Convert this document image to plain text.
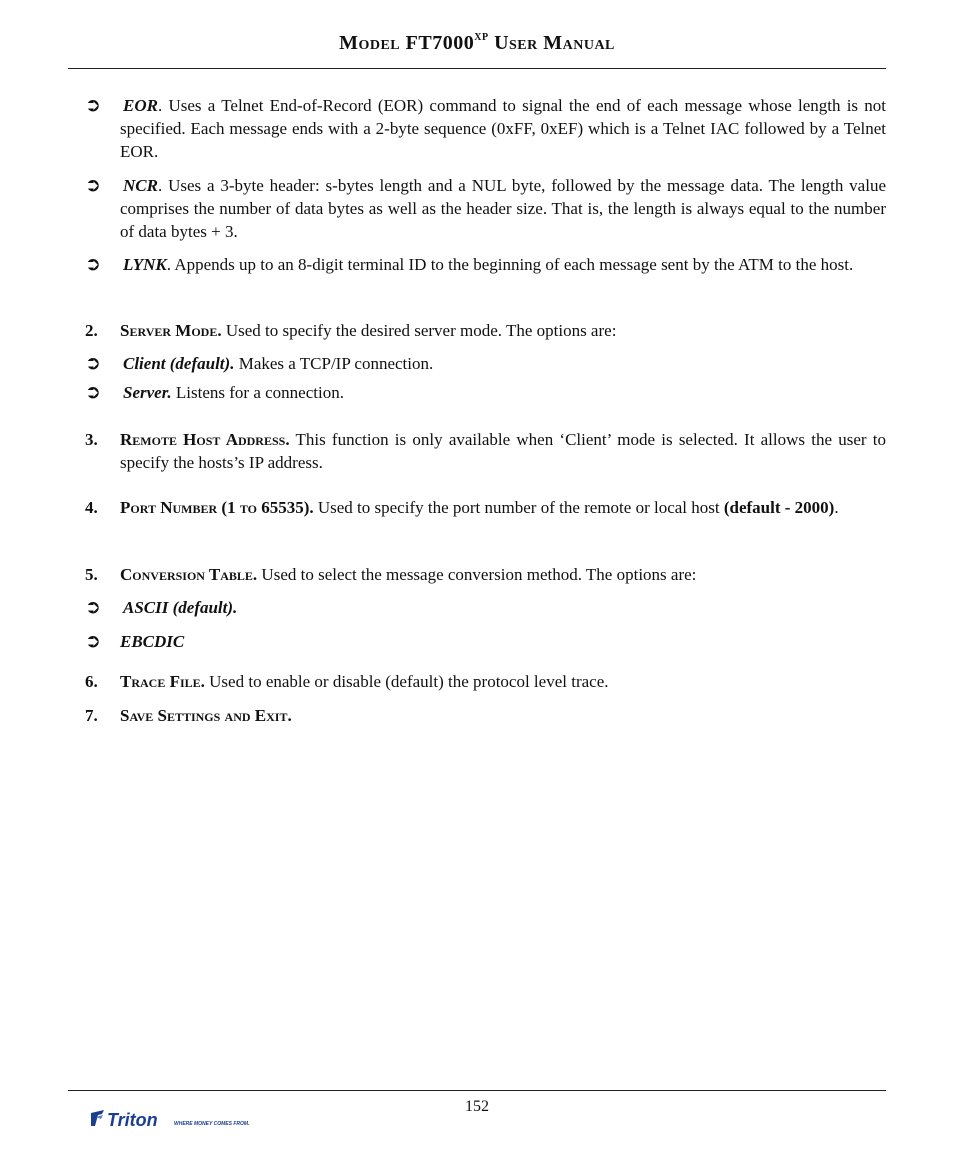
Model $FT7000^{XP}$ User Manual
➲ EOR. Uses a Telnet End-of-Record (EOR) command to signal the end of each message whose length is not specified. Each message ends with a 2-byte sequence (0xFF, 0xEF) which is a Telnet IAC followed by a Telnet EOR.
➲ NCR. Uses a 3-byte header: s-bytes length and a NUL byte, followed by the message data. The length value comprises the number of data bytes as well as the header size. That is, the length is always equal to the number of data bytes + 3.
➲ LYNK. Appends up to an 8-digit terminal ID to the beginning of each message sent by the ATM to the host.
2. Server Mode. Used to specify the desired server mode. The options are:
➲ Client (default). Makes a TCP/IP connection.
➲ Server. Listens for a connection.
3. Remote Host Address. This function is only available when ‘Client’ mode is selected. It allows the user to specify the hosts’s IP address.
4. Port Number (1 to 65535). Used to specify the port number of the remote or local host (default - 2000).
5. Conversion Table. Used to select the message conversion method. The options are:
➲ ASCII (default).
➲ EBCDIC
6. Trace File. Used to enable or disable (default) the protocol level trace.
7. Save Settings and Exit.
152
Triton	WHERE MONEY COMES FROM.
